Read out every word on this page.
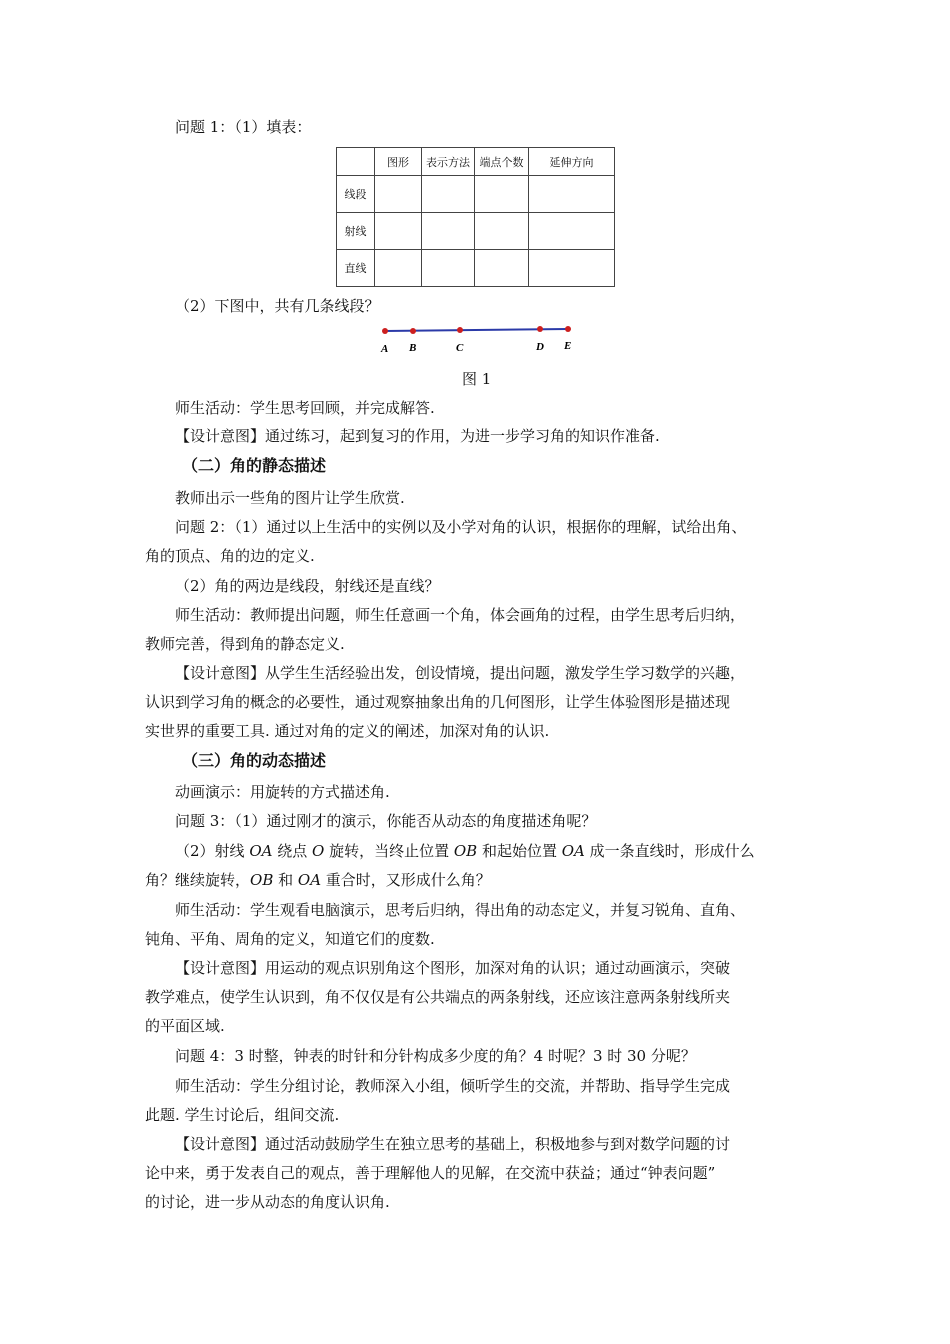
问题 1：（1）填表：
	图形	表示方法	端点个数	延伸方向
线段				
射线				
直线				
（2）下图中，共有几条线段？
A B	C	D E
图 1
师生活动：学生思考回顾，并完成解答.
【设计意图】通过练习，起到复习的作用，为进一步学习角的知识作准备.
（二）角的静态描述
教师出示一些角的图片让学生欣赏.
问题 2：（1）通过以上生活中的实例以及小学对角的认识，根据你的理解，试给出角、
角的顶点、角的边的定义.
（2）角的两边是线段，射线还是直线？
师生活动：教师提出问题，师生任意画一个角，体会画角的过程，由学生思考后归纳，
教师完善，得到角的静态定义.
【设计意图】从学生生活经验出发，创设情境，提出问题，激发学生学习数学的兴趣，
认识到学习角的概念的必要性，通过观察抽象出角的几何图形，让学生体验图形是描述现
实世界的重要工具. 通过对角的定义的阐述，加深对角的认识.
（三）角的动态描述
动画演示：用旋转的方式描述角.
问题 3：（1）通过刚才的演示，你能否从动态的角度描述角呢？
（2）射线 OA 绕点 O 旋转，当终止位置 OB 和起始位置 OA 成一条直线时，形成什么
角？继续旋转，OB 和 OA 重合时，又形成什么角？
师生活动：学生观看电脑演示，思考后归纳，得出角的动态定义，并复习锐角、直角、
钝角、平角、周角的定义，知道它们的度数.
【设计意图】用运动的观点识别角这个图形，加深对角的认识；通过动画演示，突破
教学难点，使学生认识到，角不仅仅是有公共端点的两条射线，还应该注意两条射线所夹
的平面区域.
问题 4：3 时整，钟表的时针和分针构成多少度的角？4 时呢？3 时 30 分呢？
师生活动：学生分组讨论，教师深入小组，倾听学生的交流，并帮助、指导学生完成
此题. 学生讨论后，组间交流.
【设计意图】通过活动鼓励学生在独立思考的基础上，积极地参与到对数学问题的讨
论中来，勇于发表自己的观点，善于理解他人的见解，在交流中获益；通过“钟表问题”
的讨论，进一步从动态的角度认识角.
